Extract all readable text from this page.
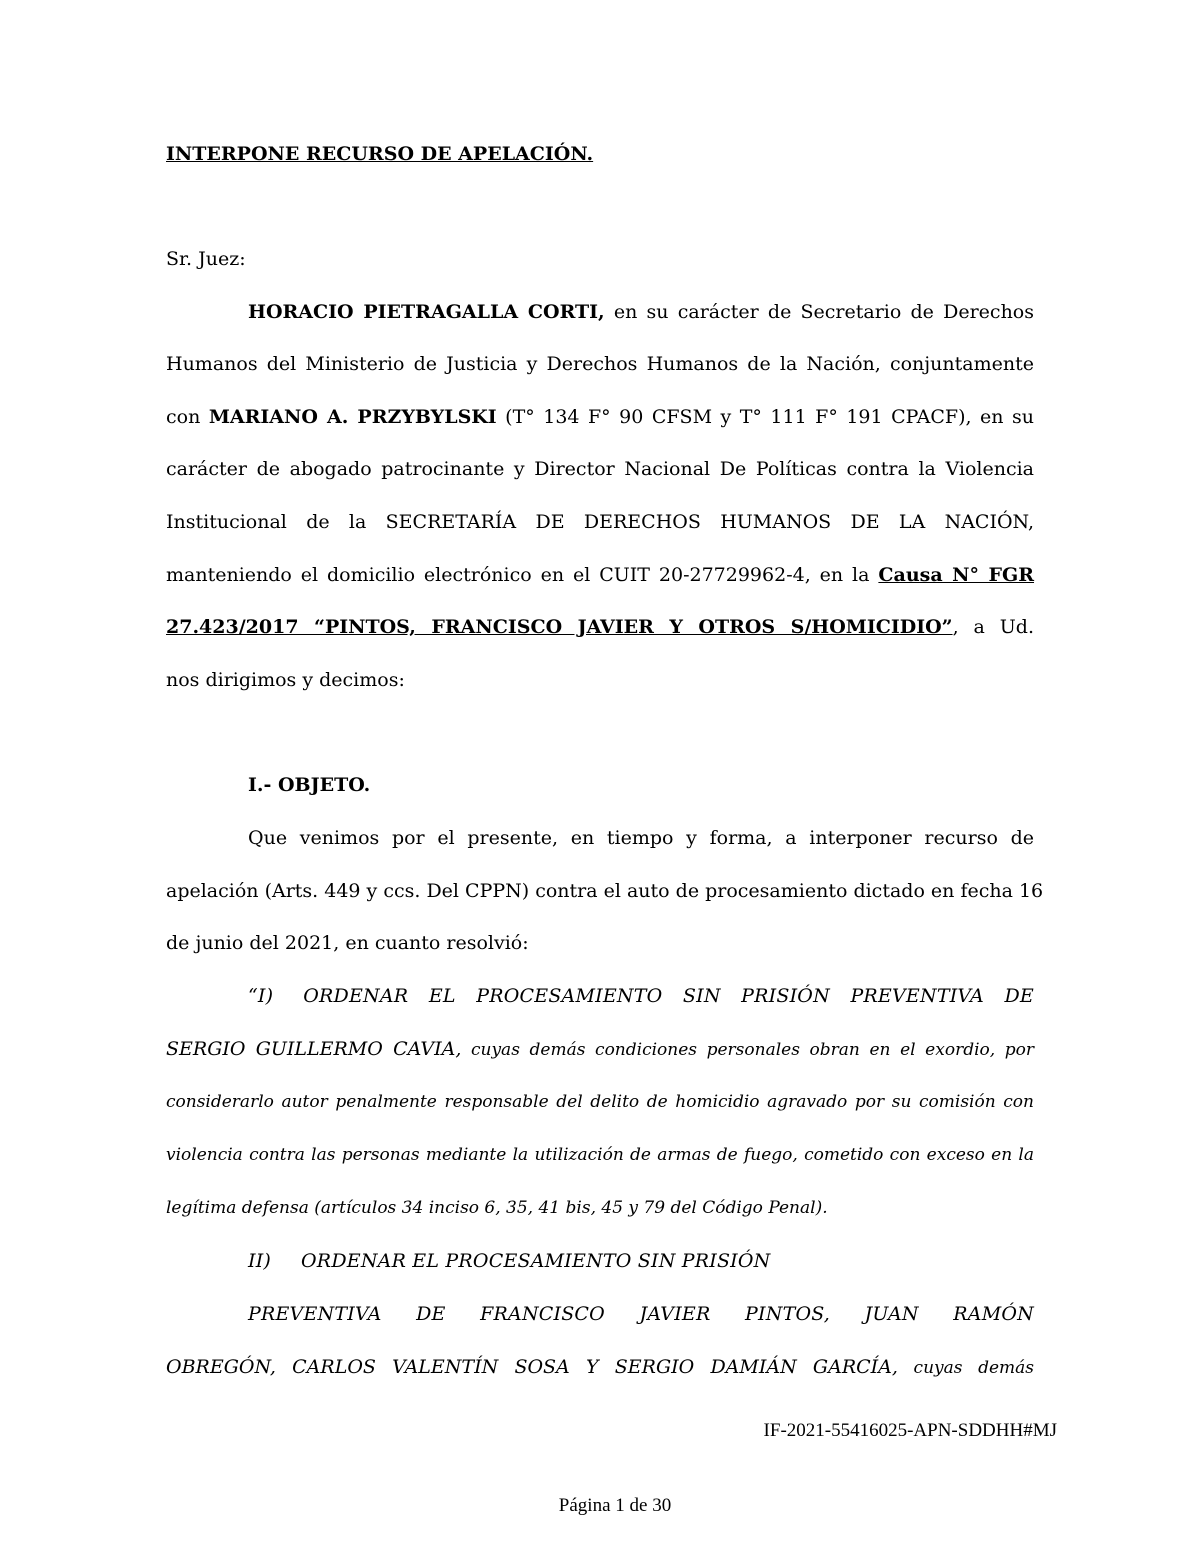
INTERPONE RECURSO DE APELACIÓN.
Sr. Juez:
HORACIO PIETRAGALLA CORTI, en su carácter de Secretario de Derechos
Humanos del Ministerio de Justicia y Derechos Humanos de la Nación, conjuntamente
con MARIANO A. PRZYBYLSKI (T° 134 F° 90 CFSM y T° 111 F° 191 CPACF), en su
carácter de abogado patrocinante y Director Nacional De Políticas contra la Violencia
Institucional de la SECRETARÍA DE DERECHOS HUMANOS DE LA NACIÓN,
manteniendo el domicilio electrónico en el CUIT 20-27729962-4, en la Causa N° FGR
27.423/2017 “PINTOS, FRANCISCO JAVIER Y OTROS S/HOMICIDIO”, a Ud.
nos dirigimos y decimos:
I.- OBJETO.
Que venimos por el presente, en tiempo y forma, a interponer recurso de
apelación (Arts. 449 y ccs. Del CPPN) contra el auto de procesamiento dictado en fecha 16
de junio del 2021, en cuanto resolvió:
“I) ORDENAR EL PROCESAMIENTO SIN PRISIÓN PREVENTIVA DE
SERGIO GUILLERMO CAVIA, cuyas demás condiciones personales obran en el exordio, por
considerarlo autor penalmente responsable del delito de homicidio agravado por su comisión con
violencia contra las personas mediante la utilización de armas de fuego, cometido con exceso en la
legítima defensa (artículos 34 inciso 6, 35, 41 bis, 45 y 79 del Código Penal).
II) ORDENAR EL PROCESAMIENTO SIN PRISIÓN
PREVENTIVA DE FRANCISCO JAVIER PINTOS, JUAN RAMÓN
OBREGÓN, CARLOS VALENTÍN SOSA Y SERGIO DAMIÁN GARCÍA, cuyas demás
IF-2021-55416025-APN-SDDHH#MJ
Página 1 de 30
